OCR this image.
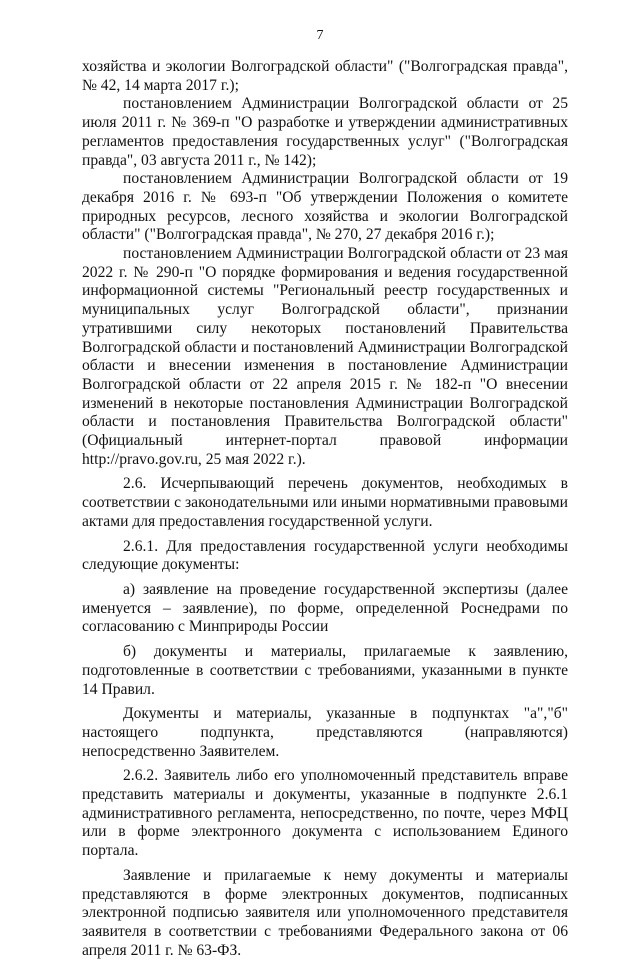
7

хозяйства и экологии Волгоградской области" ("Волгоградская правда", № 42, 14 марта 2017 г.);

постановлением Администрации Волгоградской области от 25 июля 2011 г. № 369-п "О разработке и утверждении административных регламентов предоставления государственных услуг" ("Волгоградская правда", 03 августа 2011 г., № 142);

постановлением Администрации Волгоградской области от 19 декабря 2016 г. № 693-п "Об утверждении Положения о комитете природных ресурсов, лесного хозяйства и экологии Волгоградской области" ("Волгоградская правда", № 270, 27 декабря 2016 г.);

постановлением Администрации Волгоградской области от 23 мая 2022 г. № 290-п "О порядке формирования и ведения государственной информационной системы "Региональный реестр государственных и муниципальных услуг Волгоградской области", признании утратившими силу некоторых постановлений Правительства Волгоградской области и постановлений Администрации Волгоградской области и внесении изменения в постановление Администрации Волгоградской области от 22 апреля 2015 г. № 182-п "О внесении изменений в некоторые постановления Администрации Волгоградской области и постановления Правительства Волгоградской области" (Официальный интернет-портал правовой информации http://pravo.gov.ru, 25 мая 2022 г.).

2.6. Исчерпывающий перечень документов, необходимых в соответствии с законодательными или иными нормативными правовыми актами для предоставления государственной услуги.

2.6.1. Для предоставления государственной услуги необходимы следующие документы:

а) заявление на проведение государственной экспертизы (далее именуется – заявление), по форме, определенной Роснедрами по согласованию с Минприроды России

б) документы и материалы, прилагаемые к заявлению, подготовленные в соответствии с требованиями, указанными в пункте 14 Правил.

Документы и материалы, указанные в подпунктах "а","б" настоящего подпункта, представляются (направляются) непосредственно Заявителем.

2.6.2. Заявитель либо его уполномоченный представитель вправе представить материалы и документы, указанные в подпункте 2.6.1 административного регламента, непосредственно, по почте, через МФЦ или в форме электронного документа с использованием Единого портала.

Заявление и прилагаемые к нему документы и материалы представляются в форме электронных документов, подписанных электронной подписью заявителя или уполномоченного представителя заявителя в соответствии с требованиями Федерального закона от 06 апреля 2011 г. № 63-ФЗ.
